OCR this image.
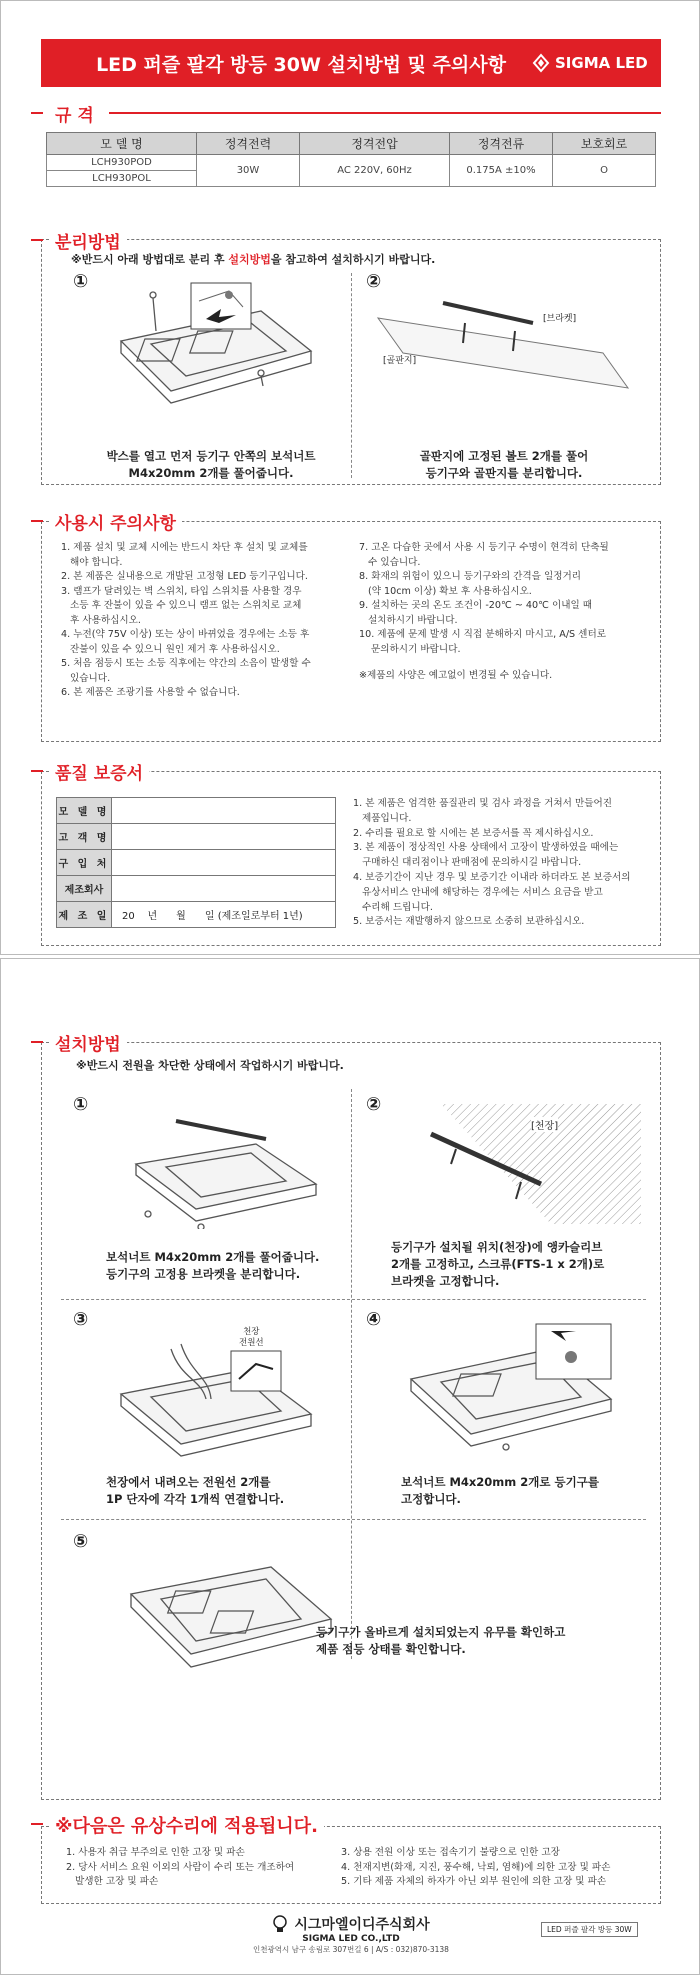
LED 퍼즐 팔각 방등 30W 설치방법 및 주의사항	SIGMA LED
규 격
모 델 명	정격전력	정격전압	정격전류	보호회로
LCH930POD	30W	AC 220V, 60Hz	0.175A ±10%	O
LCH930POL				
분리방법
※반드시 아래 방법대로 분리 후 설치방법을 참고하여 설치하시기 바랍니다.
①	②
[브라켓]
[골판지]
박스를 열고 먼저 등기구 안쪽의 보석너트
M4x20mm 2개를 풀어줍니다.
골판지에 고정된 볼트 2개를 풀어
등기구와 골판지를 분리합니다.
사용시 주의사항

1. 제품 설치 및 교체 시에는 반드시 차단 후 설치 및 교체를

해야 합니다.

2. 본 제품은 실내용으로 개발된 고정형 LED 등기구입니다.

3. 램프가 달려있는 벽 스위치, 타입 스위치를 사용할 경우

소등 후 잔불이 있을 수 있으니 램프 없는 스위치로 교체

후 사용하십시오.

4. 누전(약 75V 이상) 또는 상이 바뀌었을 경우에는 소등 후

잔불이 있을 수 있으니 원인 제거 후 사용하십시오.

5. 처음 점등시 또는 소등 직후에는 약간의 소음이 발생할 수

있습니다.

6. 본 제품은 조광기를 사용할 수 없습니다.

7. 고온 다습한 곳에서 사용 시 등기구 수명이 현격히 단축될

수 있습니다.

8. 화재의 위험이 있으니 등기구와의 간격을 일정거리

(약 10cm 이상) 확보 후 사용하십시오.

9. 설치하는 곳의 온도 조건이 -20℃ ~ 40℃ 이내일 때

설치하시기 바랍니다.

10. 제품에 문제 발생 시 직접 분해하지 마시고, A/S 센터로

문의하시기 바랍니다.

※제품의 사양은 예고없이 변경될 수 있습니다.

품질 보증서
모 델 명	
고 객 명	
구 입 처	
제조회사	
제 조 일	20    년      월      일 (제조일로부터 1년)

1. 본 제품은 엄격한 품질관리 및 검사 과정을 거쳐서 만들어진

제품입니다.

2. 수리를 필요로 할 시에는 본 보증서를 꼭 제시하십시오.

3. 본 제품이 정상적인 사용 상태에서 고장이 발생하였을 때에는

구매하신 대리점이나 판매점에 문의하시길 바랍니다.

4. 보증기간이 지난 경우 및 보증기간 이내라 하더라도 본 보증서의

유상서비스 안내에 해당하는 경우에는 서비스 요금을 받고

수리해 드립니다.

5. 보증서는 재발행하지 않으므로 소중히 보관하십시오.

설치방법
※반드시 전원을 차단한 상태에서 작업하시기 바랍니다.
①
보석너트 M4x20mm 2개를 풀어줍니다.
등기구의 고정용 브라켓을 분리합니다.
②
[천장]
등기구가 설치될 위치(천장)에 앵카슬리브
2개를 고정하고, 스크류(FTS-1 x 2개)로
브라켓을 고정합니다.
③
천장
전원선
천장에서 내려오는 전원선 2개를
1P 단자에 각각 1개씩 연결합니다.
④
보석너트 M4x20mm 2개로 등기구를
고정합니다.
⑤
등기구가 올바르게 설치되었는지 유무를 확인하고
제품 점등 상태를 확인합니다.
※다음은 유상수리에 적용됩니다.

1. 사용자 취급 부주의로 인한 고장 및 파손

2. 당사 서비스 요원 이외의 사람이 수리 또는 개조하여

발생한 고장 및 파손

3. 상용 전원 이상 또는 접속기기 불량으로 인한 고장

4. 천재지변(화재, 지진, 풍수해, 낙뢰, 염해)에 의한 고장 및 파손

5. 기타 제품 자체의 하자가 아닌 외부 원인에 의한 고장 및 파손

시그마엘이디주식회사
SIGMA LED CO.,LTD
인천광역시 남구 송림로 307번길 6 | A/S : 032)870-3138
LED 퍼즐 팔각 방등 30W
